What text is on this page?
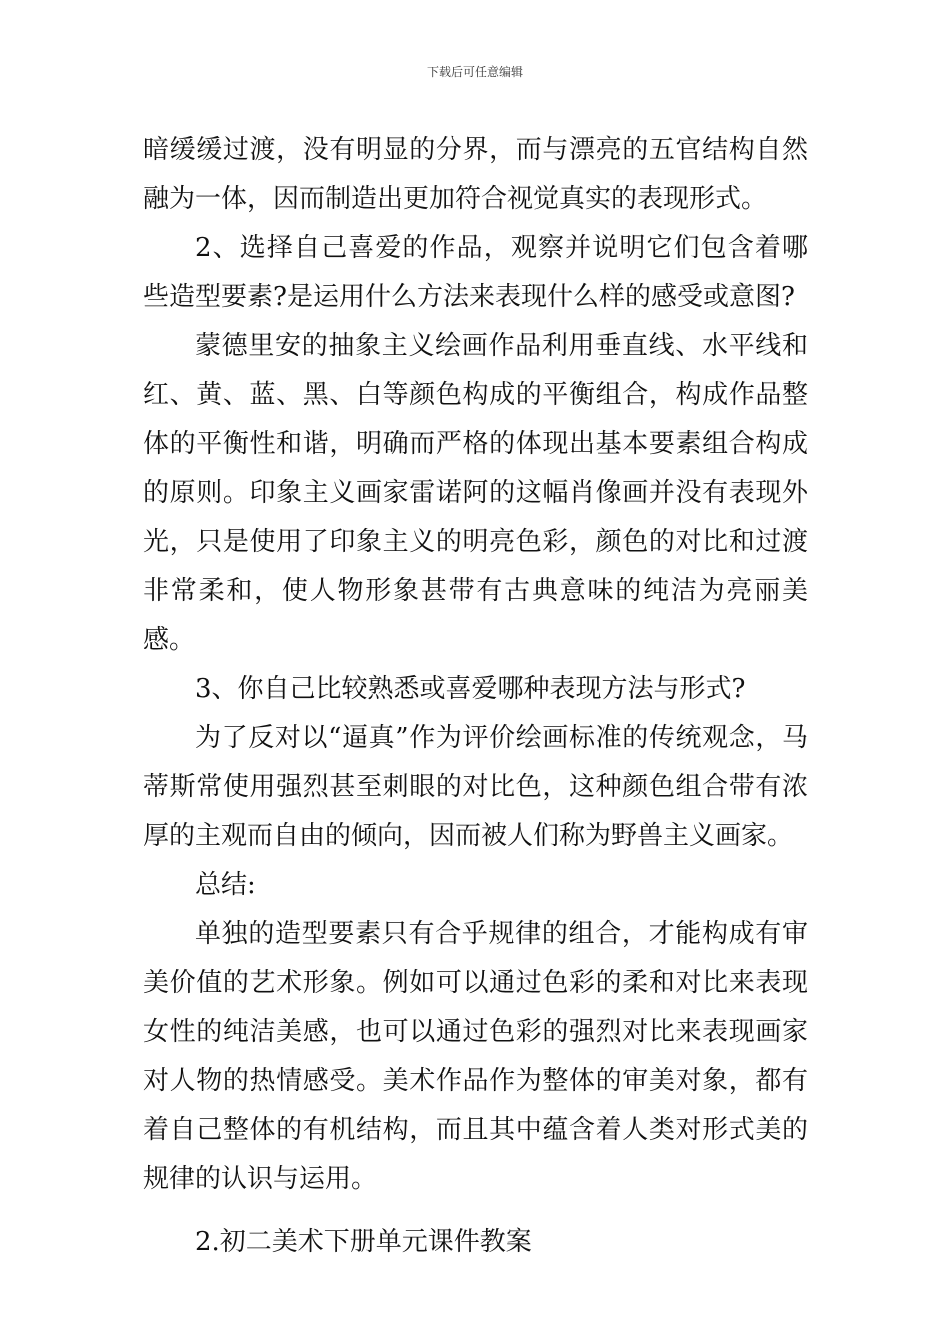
下载后可任意编辑

暗缓缓过渡，没有明显的分界，而与漂亮的五官结构自然融为一体，因而制造出更加符合视觉真实的表现形式。

2、选择自己喜爱的作品，观察并说明它们包含着哪些造型要素?是运用什么方法来表现什么样的感受或意图?

蒙德里安的抽象主义绘画作品利用垂直线、水平线和红、黄、蓝、黑、白等颜色构成的平衡组合，构成作品整体的平衡性和谐，明确而严格的体现出基本要素组合构成的原则。印象主义画家雷诺阿的这幅肖像画并没有表现外光，只是使用了印象主义的明亮色彩，颜色的对比和过渡非常柔和，使人物形象甚带有古典意味的纯洁为亮丽美感。

3、你自己比较熟悉或喜爱哪种表现方法与形式?

为了反对以“逼真”作为评价绘画标准的传统观念，马蒂斯常使用强烈甚至刺眼的对比色，这种颜色组合带有浓厚的主观而自由的倾向，因而被人们称为野兽主义画家。

总结:

单独的造型要素只有合乎规律的组合，才能构成有审美价值的艺术形象。例如可以通过色彩的柔和对比来表现女性的纯洁美感，也可以通过色彩的强烈对比来表现画家对人物的热情感受。美术作品作为整体的审美对象，都有着自己整体的有机结构，而且其中蕴含着人类对形式美的规律的认识与运用。

2.初二美术下册单元课件教案
